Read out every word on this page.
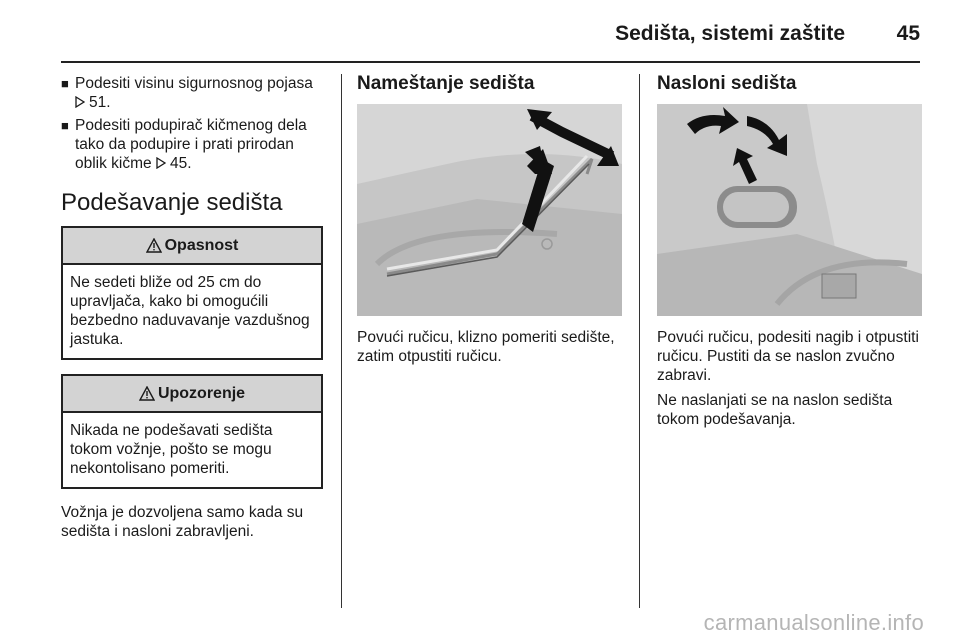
Sedišta, sistemi zaštite 45
■ Podesiti visinu sigurnosnog pojasa
51.
■ Podesiti podupirač kičmenog dela tako da podupire i prati prirodan oblik kičme 45.
Podešavanje sedišta
Opasnost
Ne sedeti bliže od 25 cm do upravljača, kako bi omogućili bezbedno naduvavanje vazdušnog jastuka.
Upozorenje
Nikada ne podešavati sedišta tokom vožnje, pošto se mogu nekontolisano pomeriti.
Vožnja je dozvoljena samo kada su sedišta i nasloni zabravljeni.
Nameštanje sedišta
Povući ručicu, klizno pomeriti sedište, zatim otpustiti ručicu.
Nasloni sedišta
Povući ručicu, podesiti nagib i otpustiti ručicu. Pustiti da se naslon zvučno zabravi.
Ne naslanjati se na naslon sedišta tokom podešavanja.
carmanualsonline.info
